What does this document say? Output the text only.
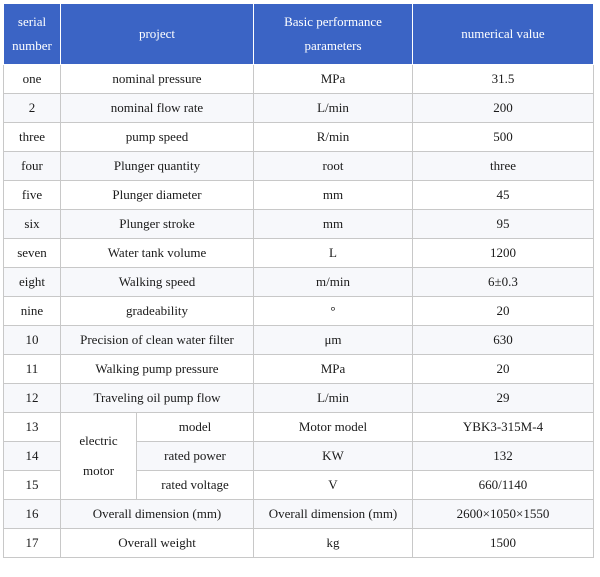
serial number	project		Basic performance parameters	numerical value
one	nominal pressure		MPa	31.5
2	nominal flow rate		L/min	200
three	pump speed		R/min	500
four	Plunger quantity		root	three
five	Plunger diameter		mm	45
six	Plunger stroke		mm	95
seven	Water tank volume		L	1200
eight	Walking speed		m/min	6±0.3
nine	gradeability		°	20
10	Precision of clean water filter		μm	630
11	Walking pump pressure		MPa	20
12	Traveling oil pump flow		L/min	29
13	electric motor	model	Motor model	YBK3-315M-4
14		rated power	KW	132
15		rated voltage	V	660/1140
16	Overall dimension (mm)		Overall dimension (mm)	2600×1050×1550
17	Overall weight		kg	1500
